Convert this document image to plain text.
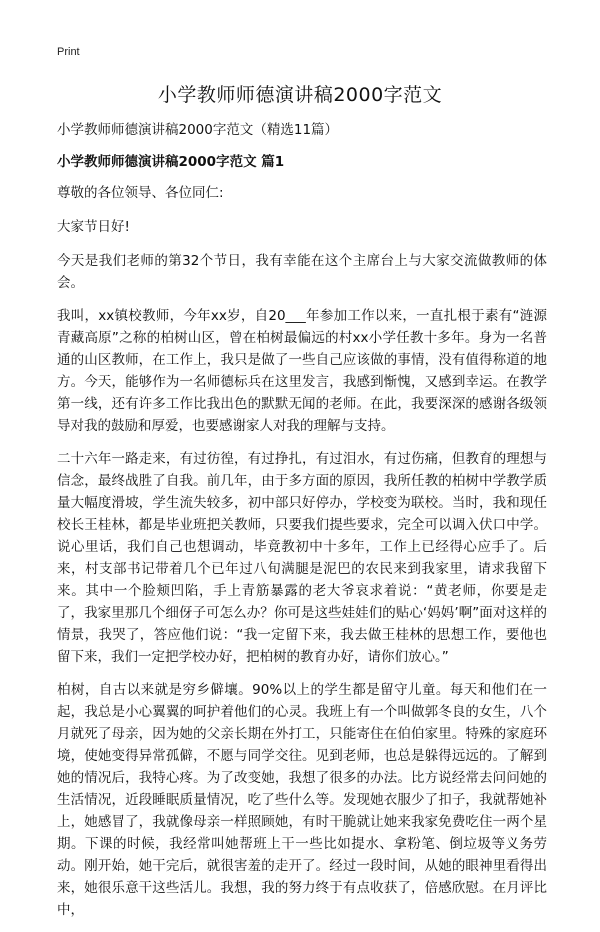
Print
小学教师师德演讲稿2000字范文

小学教师师德演讲稿2000字范文（精选11篇）

小学教师师德演讲稿2000字范文 篇1

尊敬的各位领导、各位同仁:

大家节日好!

今天是我们老师的第32个节日，我有幸能在这个主席台上与大家交流做教师的体会。

我叫，xx镇校教师，今年xx岁，自20___年参加工作以来，一直扎根于素有“涟源青藏高原”之称的柏树山区，曾在柏树最偏远的村xx小学任教十多年。身为一名普通的山区教师，在工作上，我只是做了一些自己应该做的事情，没有值得称道的地方。今天，能够作为一名师德标兵在这里发言，我感到惭愧，又感到幸运。在教学第一线，还有许多工作比我出色的默默无闻的老师。在此，我要深深的感谢各级领导对我的鼓励和厚爱，也要感谢家人对我的理解与支持。

二十六年一路走来，有过彷徨，有过挣扎，有过泪水，有过伤痛，但教育的理想与信念，最终战胜了自我。前几年，由于多方面的原因，我所任教的柏树中学教学质量大幅度滑坡，学生流失较多，初中部只好停办，学校变为联校。当时，我和现任校长王桂林，都是毕业班把关教师，只要我们提些要求，完全可以调入伏口中学。说心里话，我们自己也想调动，毕竟教初中十多年，工作上已经得心应手了。后来，村支部书记带着几个已年过八旬满腿是泥巴的农民来到我家里，请求我留下来。其中一个脸颊凹陷，手上青筋暴露的老大爷哀求着说：“黄老师，你要是走了，我家里那几个细伢子可怎么办？你可是这些娃娃们的贴心‘妈妈’啊”面对这样的情景，我哭了，答应他们说：“我一定留下来，我去做王桂林的思想工作，要他也留下来，我们一定把学校办好，把柏树的教育办好，请你们放心。”

柏树，自古以来就是穷乡僻壤。90%以上的学生都是留守儿童。每天和他们在一起，我总是小心翼翼的呵护着他们的心灵。我班上有一个叫做郭冬良的女生，八个月就死了母亲，因为她的父亲长期在外打工，只能寄住在伯伯家里。特殊的家庭环境，使她变得异常孤僻，不愿与同学交往。见到老师，也总是躲得远远的。了解到她的情况后，我特心疼。为了改变她，我想了很多的办法。比方说经常去问问她的生活情况，近段睡眠质量情况，吃了些什么等。发现她衣服少了扣子，我就帮她补上，她感冒了，我就像母亲一样照顾她，有时干脆就让她来我家免费吃住一两个星期。下课的时候，我经常叫她帮班上干一些比如提水、拿粉笔、倒垃圾等义务劳动。刚开始，她干完后，就很害羞的走开了。经过一段时间，从她的眼神里看得出来，她很乐意干这些活儿。我想，我的努力终于有点收获了，倍感欣慰。在月评比中，
